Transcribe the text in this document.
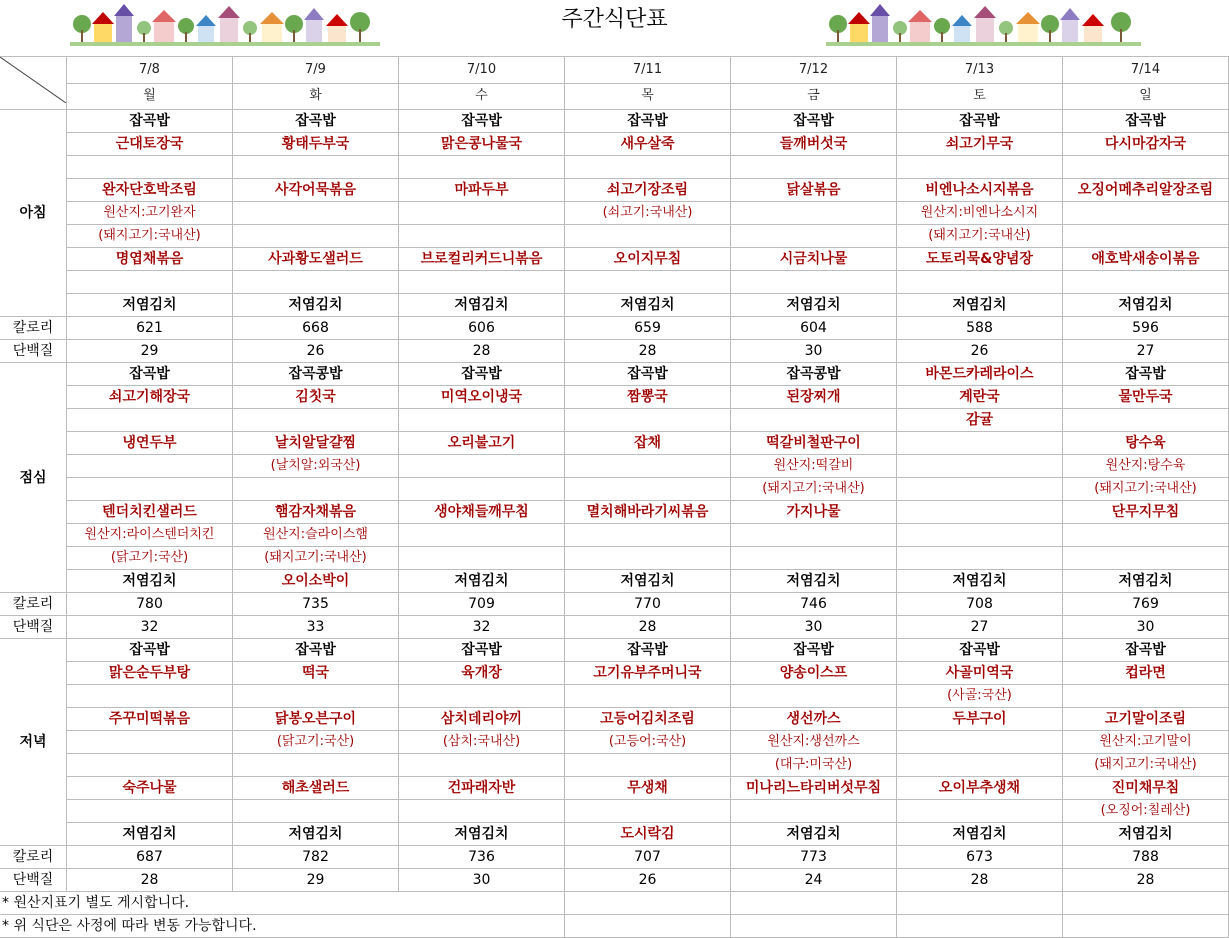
주간식단표
	7/8	7/9	7/10	7/11	7/12	7/13	7/14
	월	화	수	목	금	토	일
아침	잡곡밥	잡곡밥	잡곡밥	잡곡밥	잡곡밥	잡곡밥	잡곡밥
	근대토장국	황태두부국	맑은콩나물국	새우살죽	들깨버섯국	쇠고기무국	다시마감자국

	완자단호박조림	사각어묵볶음	마파두부	쇠고기장조림	닭살볶음	비엔나소시지볶음	오징어메추리알장조림
	원산지:고기완자			(쇠고기:국내산)		원산지:비엔나소시지	
	(돼지고기:국내산)					(돼지고기:국내산)	
	명엽채볶음	사과황도샐러드	브로컬리커드니볶음	오이지무침	시금치나물	도토리묵&양념장	애호박새송이볶음

	저염김치	저염김치	저염김치	저염김치	저염김치	저염김치	저염김치
칼로리	621	668	606	659	604	588	596
단백질	29	26	28	28	30	26	27
점심	잡곡밥	잡곡콩밥	잡곡밥	잡곡밥	잡곡콩밥	바몬드카레라이스	잡곡밥
	쇠고기해장국	김칫국	미역오이냉국	짬뽕국	된장찌개	계란국	물만두국
						감귤	
	냉연두부	날치알달걀찜	오리불고기	잡채	떡갈비철판구이		탕수육
		(날치알:외국산)			원산지:떡갈비		원산지:탕수육
					(돼지고기:국내산)		(돼지고기:국내산)
	텐더치킨샐러드	햄감자채볶음	생야채들깨무침	멸치해바라기씨볶음	가지나물		단무지무침
	원산지:라이스텐더치킨	원산지:슬라이스햄					
	(닭고기:국산)	(돼지고기:국내산)					
	저염김치	오이소박이	저염김치	저염김치	저염김치	저염김치	저염김치
칼로리	780	735	709	770	746	708	769
단백질	32	33	32	28	30	27	30
저녁	잡곡밥	잡곡밥	잡곡밥	잡곡밥	잡곡밥	잡곡밥	잡곡밥
	맑은순두부탕	떡국	육개장	고기유부주머니국	양송이스프	사골미역국	컵라면
						(사골:국산)	
	주꾸미떡볶음	닭봉오븐구이	삼치데리야끼	고등어김치조림	생선까스	두부구이	고기말이조림
		(닭고기:국산)	(삼치:국내산)	(고등어:국산)	원산지:생선까스		원산지:고기말이
					(대구:미국산)		(돼지고기:국내산)
	숙주나물	해초샐러드	건파래자반	무생채	미나리느타리버섯무침	오이부추생채	진미채무침
							(오징어:칠레산)
	저염김치	저염김치	저염김치	도시락김	저염김치	저염김치	저염김치
칼로리	687	782	736	707	773	673	788
단백질	28	29	30	26	24	28	28
* 원산지표기 별도 게시합니다.							
* 위 식단은 사정에 따라 변동 가능합니다.							
